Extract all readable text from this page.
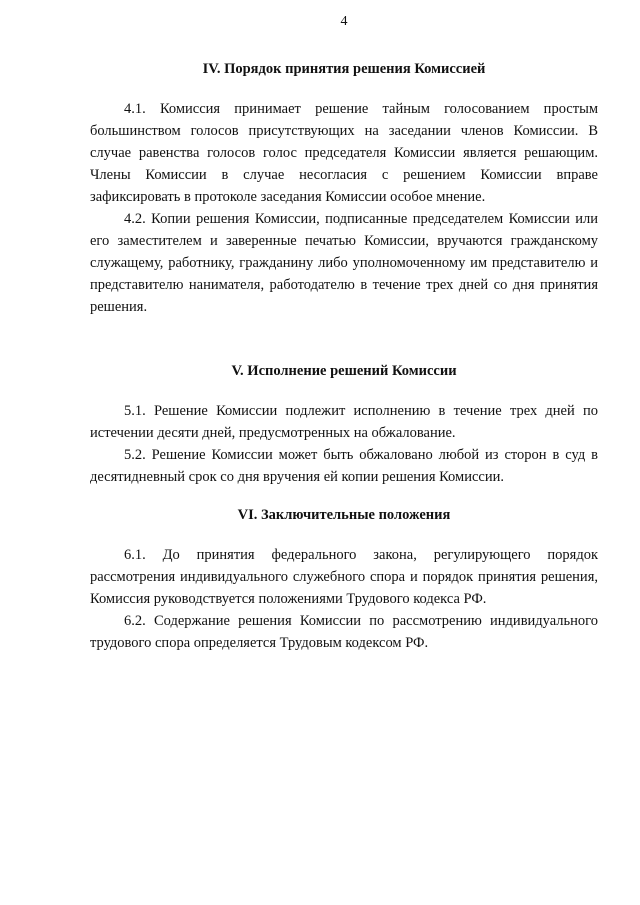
4
IV. Порядок принятия решения Комиссией

4.1. Комиссия принимает решение тайным голосованием простым большинством голосов присутствующих на заседании членов Комиссии. В случае равенства голосов голос председателя Комиссии является решающим. Члены Комиссии в случае несогласия с решением Комиссии вправе зафиксировать в протоколе заседания Комиссии особое мнение.

4.2. Копии решения Комиссии, подписанные председателем Комиссии или его заместителем и заверенные печатью Комиссии, вручаются гражданскому служащему, работнику, гражданину либо уполномоченному им представителю и представителю нанимателя, работодателю в течение трех дней со дня принятия решения.

V. Исполнение решений Комиссии

5.1. Решение Комиссии подлежит исполнению в течение трех дней по истечении десяти дней, предусмотренных на обжалование.

5.2. Решение Комиссии может быть обжаловано любой из сторон в суд в десятидневный срок со дня вручения ей копии решения Комиссии.

VI. Заключительные положения

6.1. До принятия федерального закона, регулирующего порядок рассмотрения индивидуального служебного спора и порядок принятия решения, Комиссия руководствуется положениями Трудового кодекса РФ.

6.2. Содержание решения Комиссии по рассмотрению индивидуального трудового спора определяется Трудовым кодексом РФ.
